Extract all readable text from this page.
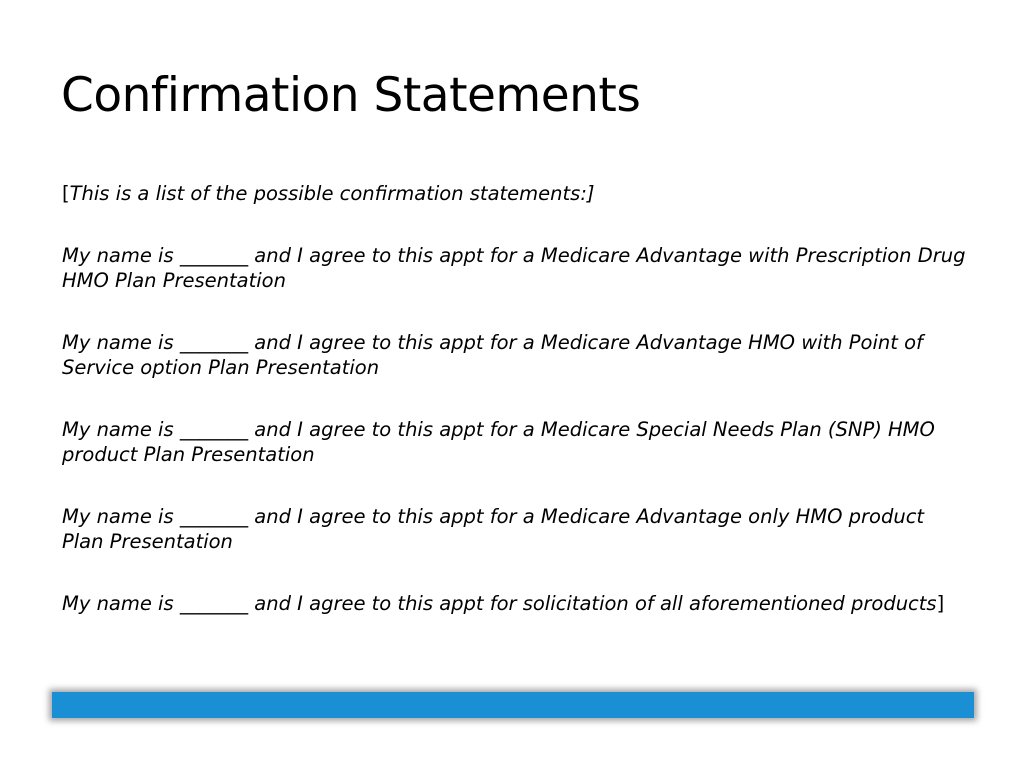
Confirmation Statements

[This is a list of the possible confirmation statements:]

My name is _______ and I agree to this appt for a Medicare Advantage with Prescription Drug HMO Plan Presentation

My name is _______ and I agree to this appt for a Medicare Advantage HMO with Point of Service option Plan Presentation

My name is _______ and I agree to this appt for a Medicare Special Needs Plan (SNP) HMO product Plan Presentation

My name is _______ and I agree to this appt for a Medicare Advantage only HMO product Plan Presentation

My name is _______ and I agree to this appt for solicitation of all aforementioned products]
